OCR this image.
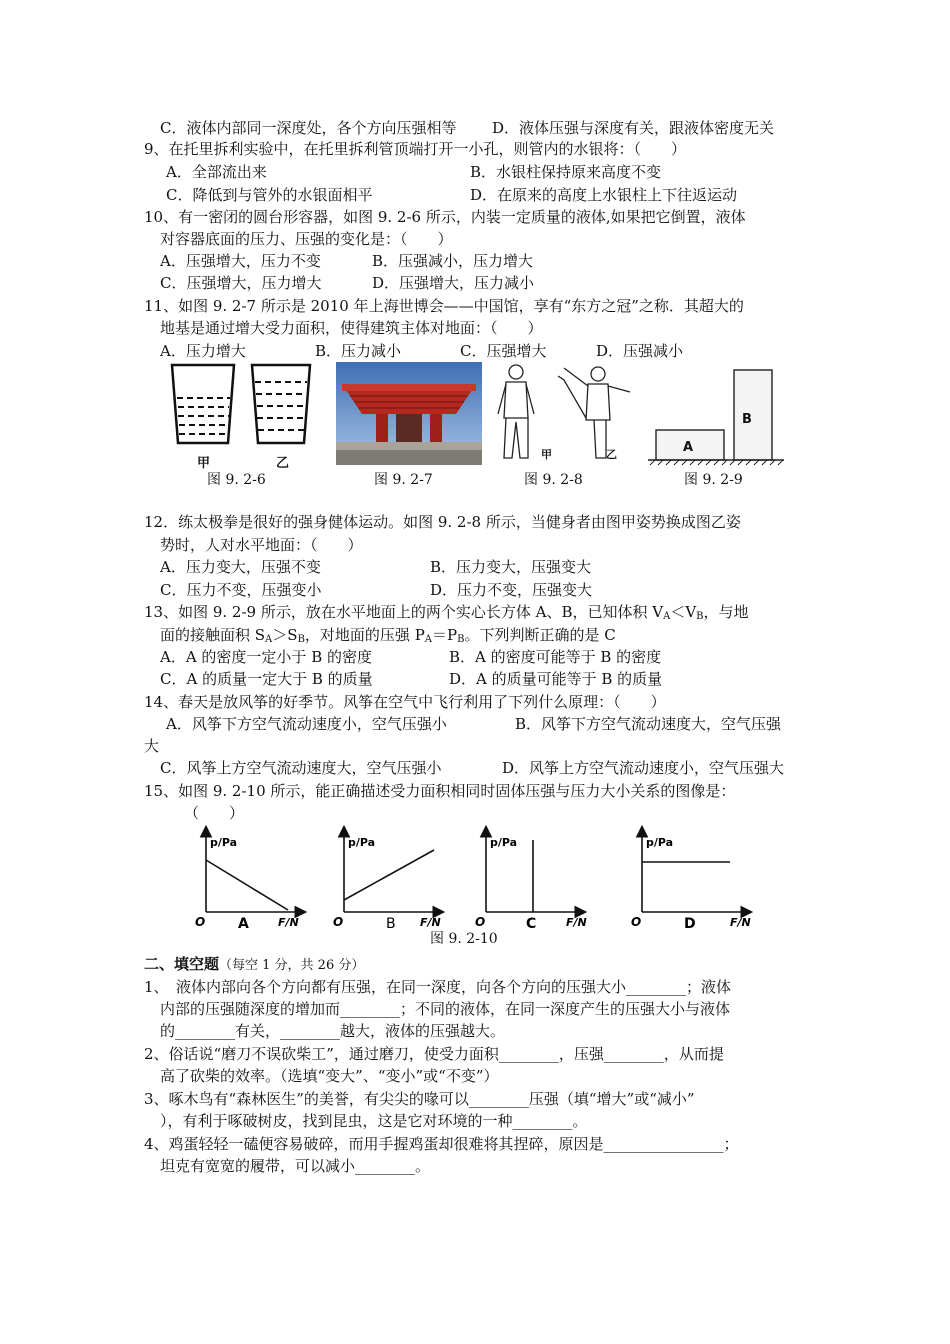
C．液体内部同一深度处，各个方向压强相等 D．液体压强与深度有关，跟液体密度无关
9、在托里拆利实验中，在托里拆利管顶端打开一小孔，则管内的水银将：（　　）
A．全部流出来	B．水银柱保持原来高度不变
C．降低到与管外的水银面相平	D．在原来的高度上水银柱上下往返运动
10、有一密闭的圆台形容器，如图 9. 2-6 所示，内装一定质量的液体,如果把它倒置，液体
对容器底面的压力、压强的变化是：（　　）
A．压强增大，压力不变	B．压强减小，压力增大
C．压强增大，压力增大	D．压强增大，压力减小
11、如图 9. 2-7 所示是 2010 年上海世博会——中国馆，享有“东方之冠”之称．其超大的
地基是通过增大受力面积，使得建筑主体对地面：（　　）
A．压力增大	B．压力减小	C．压强增大	D．压强减小
甲	乙
图 9. 2-6	图 9. 2-7
甲	乙
图 9. 2-8
A
B
图 9. 2-9
12．练太极拳是很好的强身健体运动。如图 9. 2-8 所示，当健身者由图甲姿势换成图乙姿
势时，人对水平地面：（　　）
A．压力变大，压强不变	B．压力变大，压强变大
C．压力不变，压强变小	D．压力不变，压强变大
13、如图 9. 2-9 所示，放在水平地面上的两个实心长方体 A、B，已知体积 $V_A<V_B$，与地
面的接触面积 $S_A>S_B$，对地面的压强 $P_A=P_B$。下列判断正确的是 C
A．A 的密度一定小于 B 的密度	B．A 的密度可能等于 B 的密度
C．A 的质量一定大于 B 的质量	D．A 的质量可能等于 B 的质量
14、春天是放风筝的好季节。风筝在空气中飞行利用了下列什么原理：（　　）
A．风筝下方空气流动速度小，空气压强小	B．风筝下方空气流动速度大，空气压强
大
C．风筝上方空气流动速度大，空气压强小	D．风筝上方空气流动速度小，空气压强大
15、如图 9. 2-10 所示，能正确描述受力面积相同时固体压强与压力大小关系的图像是：
（　　）
p/Pa
F/N
O A
p/Pa
F/N
O	B
p/Pa
F/N
O	C
p/Pa
F/N
O	D
图 9. 2-10
二、填空题（每空 1 分，共 26 分）
1、　液体内部向各个方向都有压强，在同一深度，向各个方向的压强大小________；液体
内部的压强随深度的增加而________；不同的液体，在同一深度产生的压强大小与液体
的________有关，________越大，液体的压强越大。
2、俗话说“磨刀不误砍柴工”，通过磨刀，使受力面积________，压强________，从而提
高了砍柴的效率。（选填“变大”、“变小”或“不变”）
3、啄木鸟有“森林医生”的美誉，有尖尖的喙可以________压强（填“增大”或“减小”
），有利于啄破树皮，找到昆虫，这是它对环境的一种________。
4、鸡蛋轻轻一磕便容易破碎，而用手握鸡蛋却很难将其捏碎，原因是________________；
坦克有宽宽的履带，可以减小________。
